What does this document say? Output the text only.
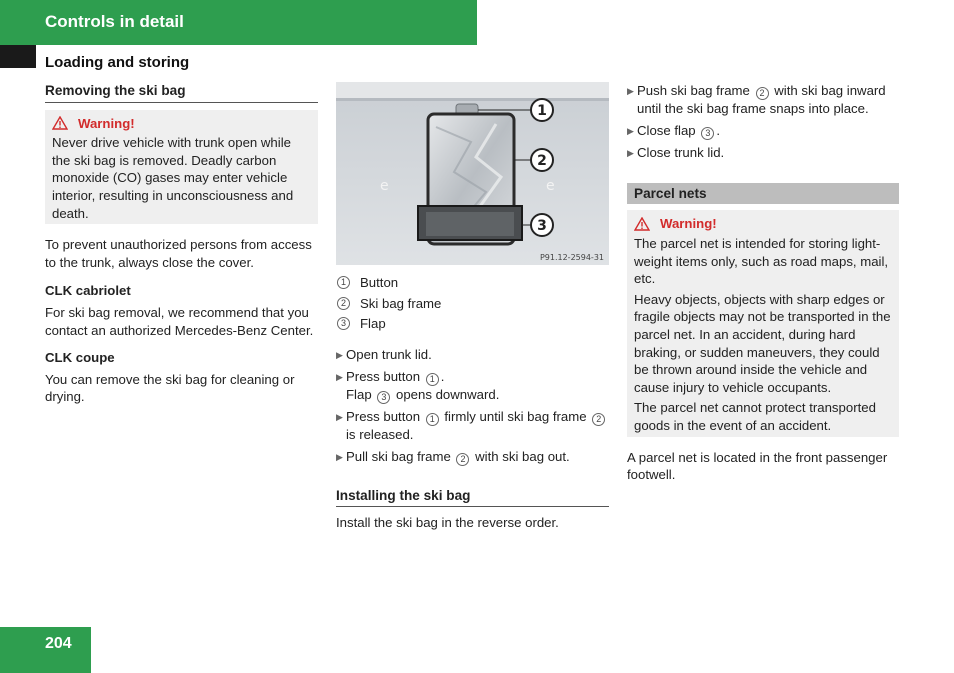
Controls in detail
Loading and storing
Removing the ski bag
Warning!

Never drive vehicle with trunk open while the ski bag is removed. Deadly carbon monoxide (CO) gases may enter vehicle interior, resulting in unconsciousness and death.

To prevent unauthorized persons from access to the trunk, always close the cover.

CLK cabriolet

For ski bag removal, we recommend that you contact an authorized Mercedes-Benz Center.

CLK coupe

You can remove the ski bag for cleaning or drying.

e	e
1
2
3
P91.12-2594-31
1	Button
2	Ski bag frame
3	Flap
▶ Open trunk lid.
▶ Press button 1 .
Flap 3 opens downward.
▶ Press button 1 firmly until ski bag frame 2 is released.
▶ Pull ski bag frame 2 with ski bag out.
Installing the ski bag

Install the ski bag in the reverse order.

▶ Push ski bag frame 2 with ski bag inward until the ski bag frame snaps into place.
▶ Close flap 3 .
▶ Close trunk lid.
Parcel nets
Warning!

The parcel net is intended for storing light-weight items only, such as road maps, mail, etc.

Heavy objects, objects with sharp edges or fragile objects may not be transported in the parcel net. In an accident, during hard braking, or sudden maneuvers, they could be thrown around inside the vehicle and cause injury to vehicle occupants.

The parcel net cannot protect transported goods in the event of an accident.

A parcel net is located in the front passenger footwell.

204
